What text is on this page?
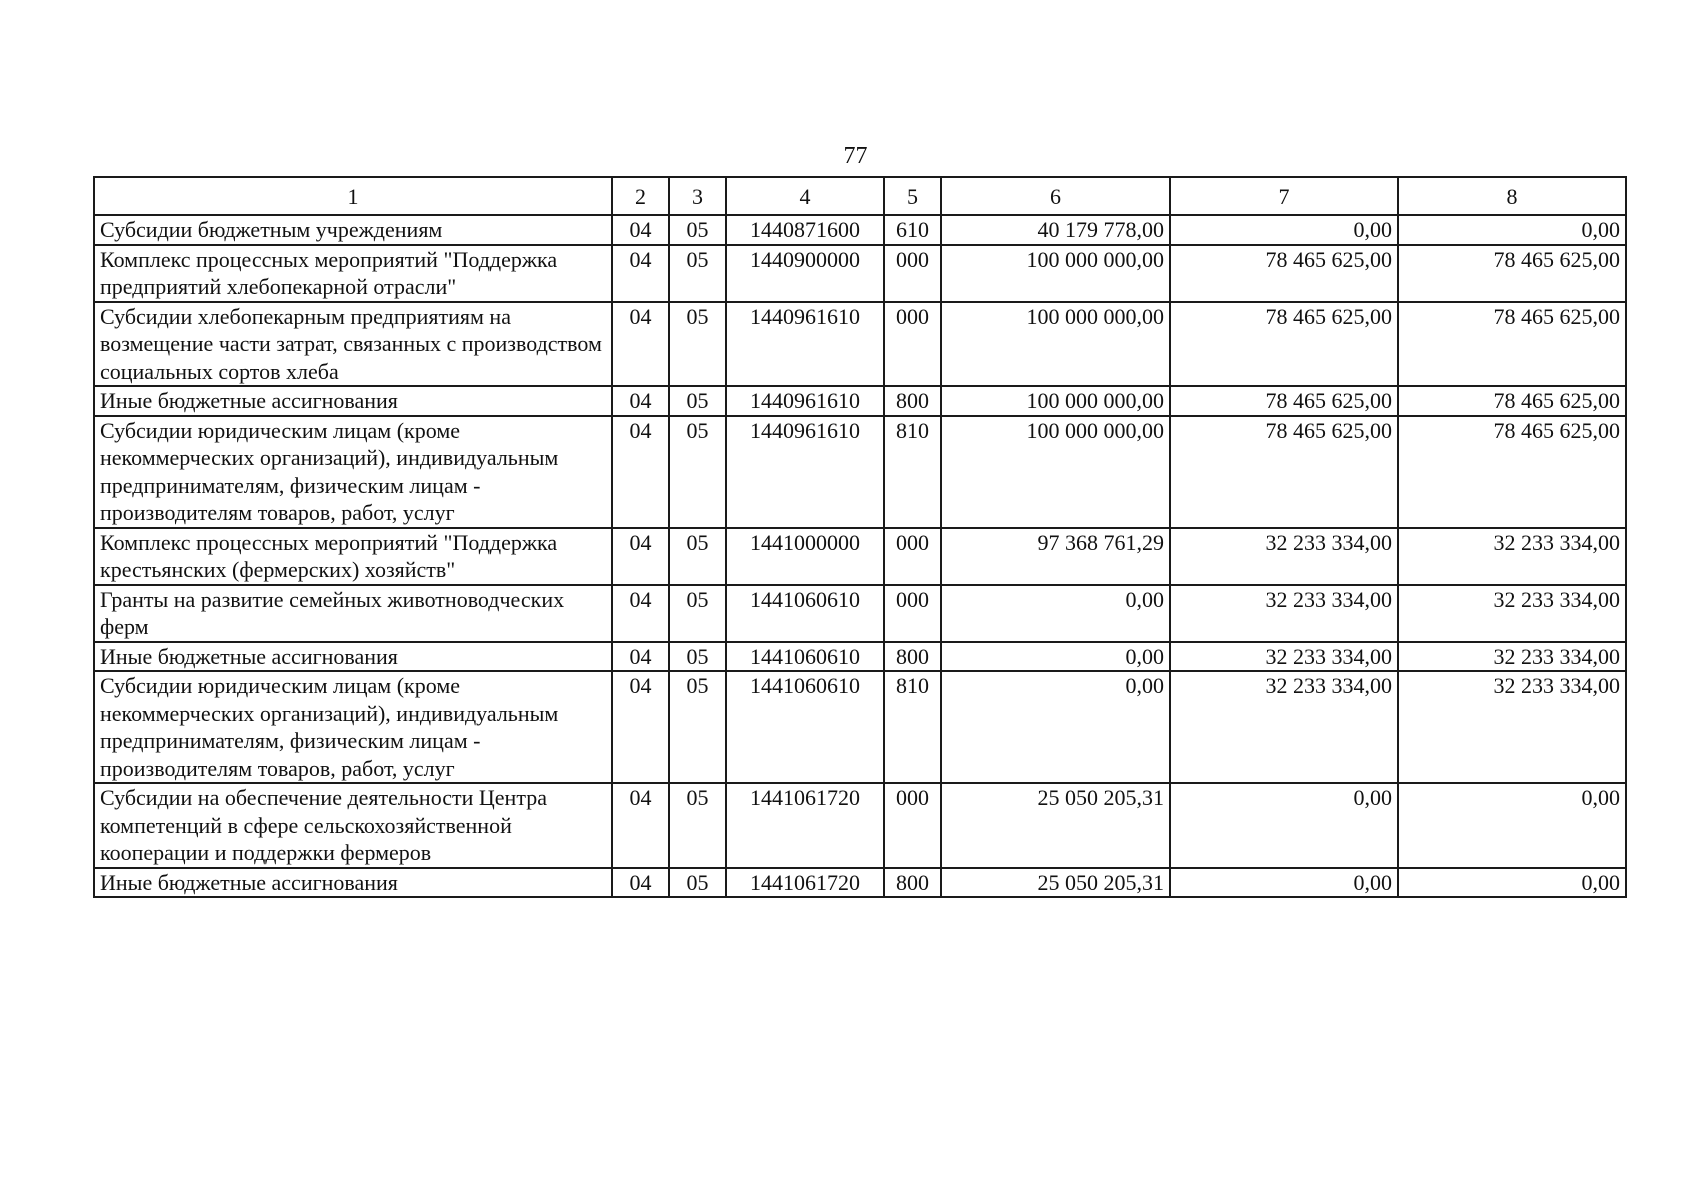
77
1	2	3	4	5	6	7	8
Субсидии бюджетным учреждениям	04	05	1440871600	610	40 179 778,00	0,00	0,00
Комплекс процессных мероприятий "Поддержка предприятий хлебопекарной отрасли"	04	05	1440900000	000	100 000 000,00	78 465 625,00	78 465 625,00
Субсидии хлебопекарным предприятиям на возмещение части затрат, связанных с производством социальных сортов хлеба	04	05	1440961610	000	100 000 000,00	78 465 625,00	78 465 625,00
Иные бюджетные ассигнования	04	05	1440961610	800	100 000 000,00	78 465 625,00	78 465 625,00
Субсидии юридическим лицам (кроме некоммерческих организаций), индивидуальным предпринимателям, физическим лицам - производителям товаров, работ, услуг	04	05	1440961610	810	100 000 000,00	78 465 625,00	78 465 625,00
Комплекс процессных мероприятий "Поддержка крестьянских (фермерских) хозяйств"	04	05	1441000000	000	97 368 761,29	32 233 334,00	32 233 334,00
Гранты на развитие семейных животноводческих ферм	04	05	1441060610	000	0,00	32 233 334,00	32 233 334,00
Иные бюджетные ассигнования	04	05	1441060610	800	0,00	32 233 334,00	32 233 334,00
Субсидии юридическим лицам (кроме некоммерческих организаций), индивидуальным предпринимателям, физическим лицам - производителям товаров, работ, услуг	04	05	1441060610	810	0,00	32 233 334,00	32 233 334,00
Субсидии на обеспечение деятельности Центра компетенций в сфере сельскохозяйственной кооперации и поддержки фермеров	04	05	1441061720	000	25 050 205,31	0,00	0,00
Иные бюджетные ассигнования	04	05	1441061720	800	25 050 205,31	0,00	0,00
